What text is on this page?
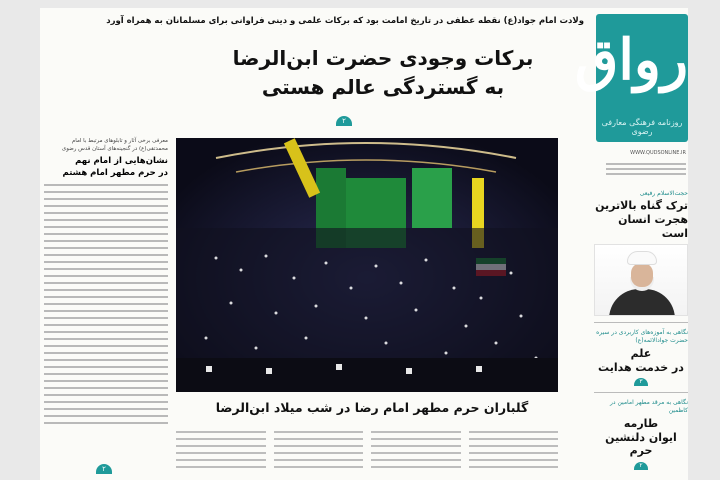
رواق
روزنامه فرهنگی معارفی رضوی
WWW.QUDSONLINE.IR
حجت‌الاسلام رفیعی
ترک گناه بالاترین
هجرت انسان است
نگاهی به آموزه‌های کاربردی در سیره حضرت جوادالائمه(ع)
علم
در خدمت هدایت
۳
نگاهی به مرقد مطهر امامین در کاظمین
طارمه
ایوان دلنشین حرم
۲
ولادت امام جواد(ع) نقطه عطفی در تاریخ امامت بود که برکات علمی و دینی فراوانی برای مسلمانان به همراه آورد
برکات وجودی حضرت ابن‌الرضا
به گستردگی عالم هستی
۲
معرفی برخی آثار و تابلوهای مرتبط با امام محمدتقی(ع) در گنجینه‌های آستان قدس رضوی
نشان‌هایی از امام نهم
در حرم مطهر امام هشتم
۲
گلباران حرم مطهر امام رضا در شب میلاد ابن‌الرضا
